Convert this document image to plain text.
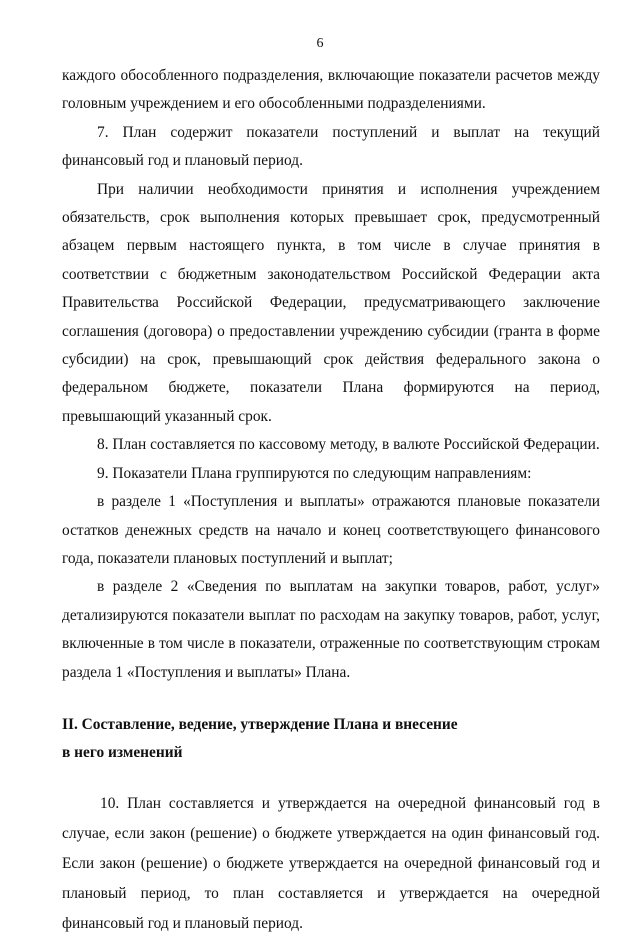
6

каждого обособленного подразделения, включающие показатели расчетов между головным учреждением и его обособленными подразделениями.

7. План содержит показатели поступлений и выплат на текущий финансовый год и плановый период.

При наличии необходимости принятия и исполнения учреждением обязательств, срок выполнения которых превышает срок, предусмотренный абзацем первым настоящего пункта, в том числе в случае принятия в соответствии с бюджетным законодательством Российской Федерации акта Правительства Российской Федерации, предусматривающего заключение соглашения (договора) о предоставлении учреждению субсидии (гранта в форме субсидии) на срок, превышающий срок действия федерального закона о федеральном бюджете, показатели Плана формируются на период, превышающий указанный срок.

8. План составляется по кассовому методу, в валюте Российской Федерации.

9. Показатели Плана группируются по следующим направлениям:

в разделе 1 «Поступления и выплаты» отражаются плановые показатели остатков денежных средств на начало и конец соответствующего финансового года, показатели плановых поступлений и выплат;

в разделе 2 «Сведения по выплатам на закупки товаров, работ, услуг» детализируются показатели выплат по расходам на закупку товаров, работ, услуг, включенные в том числе в показатели, отраженные по соответствующим строкам раздела 1 «Поступления и выплаты» Плана.

II. Составление, ведение, утверждение Плана и внесение

в него изменений

10. План составляется и утверждается на очередной финансовый год в случае, если закон (решение) о бюджете утверждается на один финансовый год. Если закон (решение) о бюджете утверждается на очередной финансовый год и плановый период, то план составляется и утверждается на очередной финансовый год и плановый период.
